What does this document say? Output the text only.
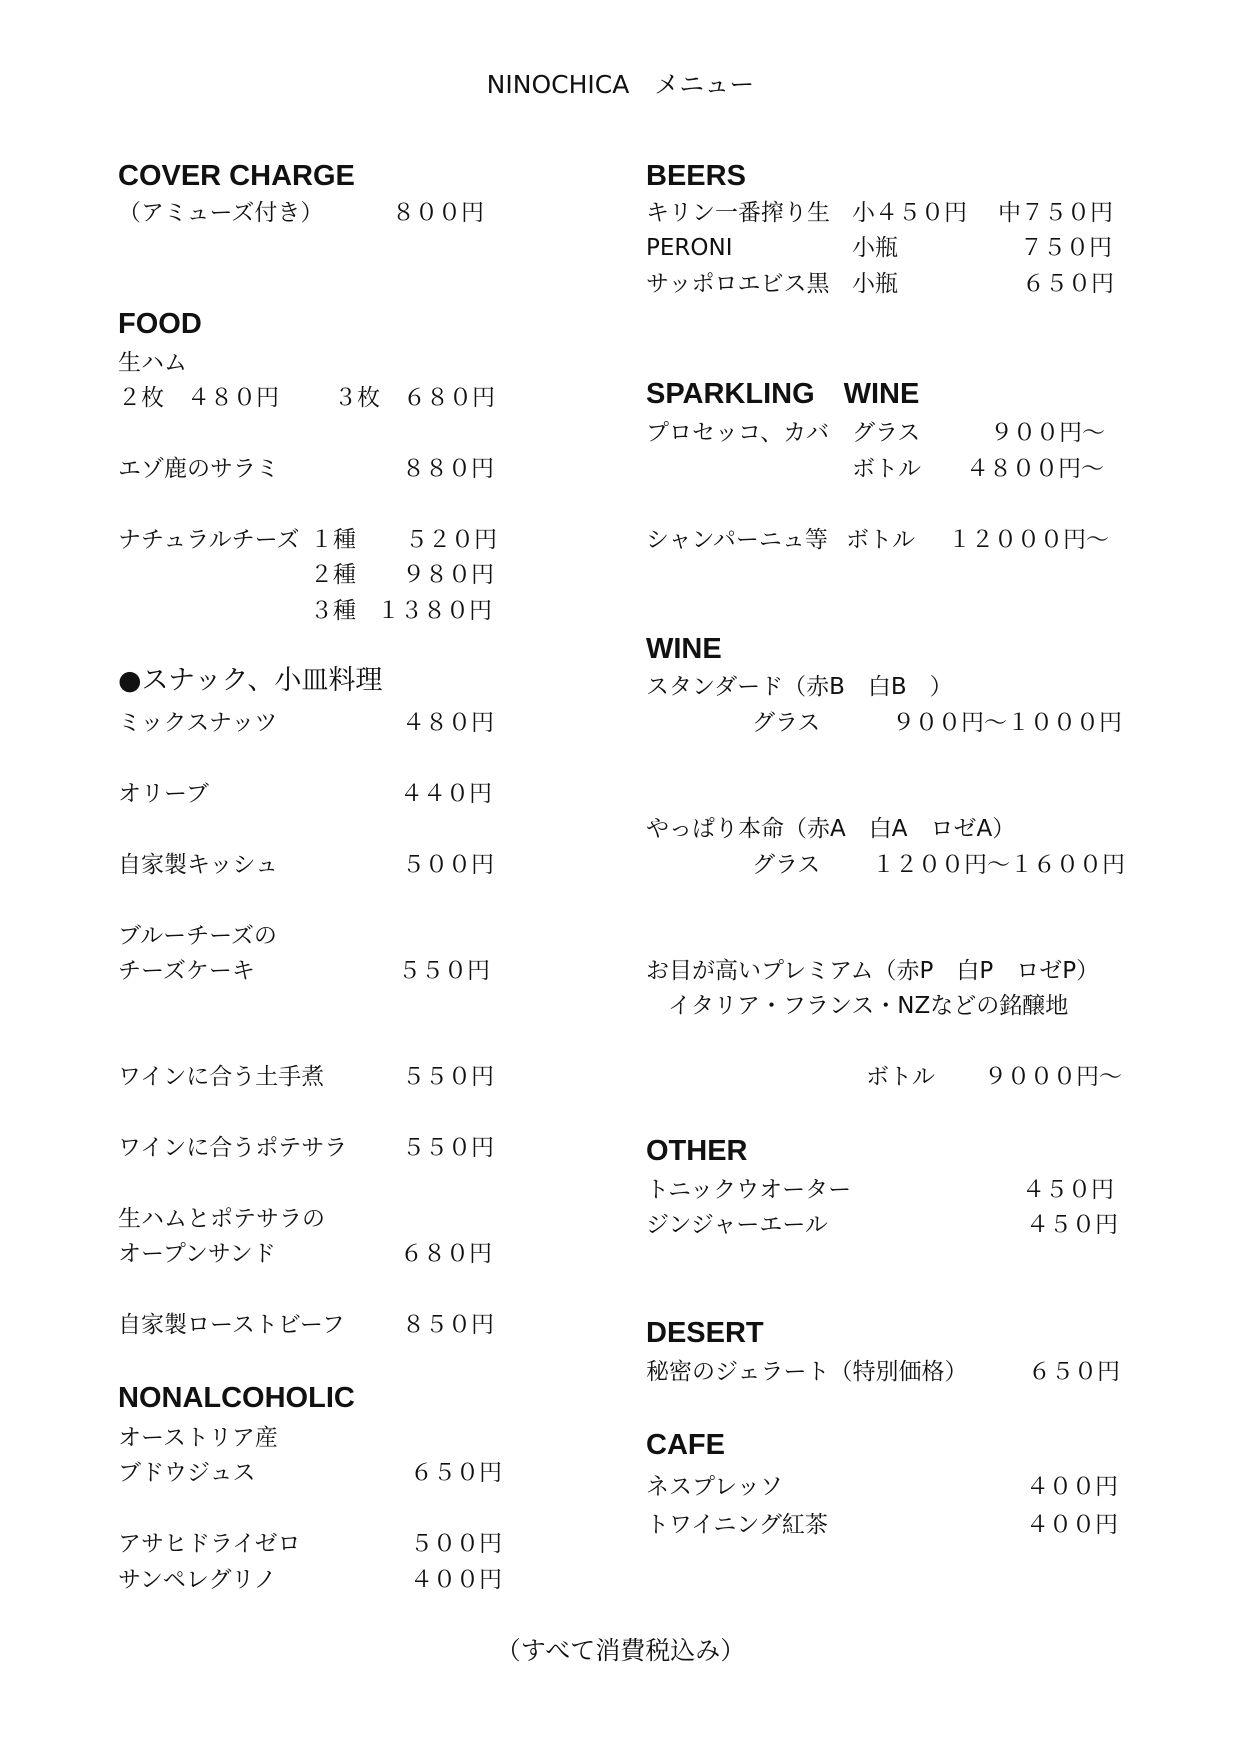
NINOCHICA　メニュー
COVER CHARGE
（アミューズ付き）	８００円
FOOD
生ハム
２枚　４８０円 ３枚　６８０円
エゾ鹿のサラミ	８８０円
ナチュラルチーズ １種 ５２０円
２種 ９８０円
３種 １３８０円
●スナック、小皿料理
ミックスナッツ	４８０円
オリーブ	４４０円
自家製キッシュ	５００円
ブルーチーズの
チーズケーキ	５５０円
ワインに合う土手煮	５５０円
ワインに合うポテサラ ５５０円
生ハムとポテサラの
オープンサンド	６８０円
自家製ローストビーフ ８５０円
NONALCOHOLIC
オーストリア産
ブドウジュス	６５０円
アサヒドライゼロ	５００円
サンペレグリノ	４００円
BEERS
キリン一番搾り生 小４５０円 中７５０円
PERONI	小瓶	７５０円
サッポロエビス黒 小瓶	６５０円
SPARKLING　WINE
プロセッコ、カバ グラス	９００円〜
ボトル ４８００円〜
シャンパーニュ等 ボトル １２０００円〜
WINE
スタンダード（赤B　白B　）
グラス	９００円〜１０００円
やっぱり本命（赤A　白A　ロゼA）
グラス １２００円〜１６００円
お目が高いプレミアム（赤P　白P　ロゼP）
イタリア・フランス・NZなどの銘醸地
ボトル ９０００円〜
OTHER
トニックウオーター	４５０円
ジンジャーエール	４５０円
DESERT
秘密のジェラート（特別価格）	６５０円
CAFE
ネスプレッソ	４００円
トワイニング紅茶	４００円
（すべて消費税込み）
